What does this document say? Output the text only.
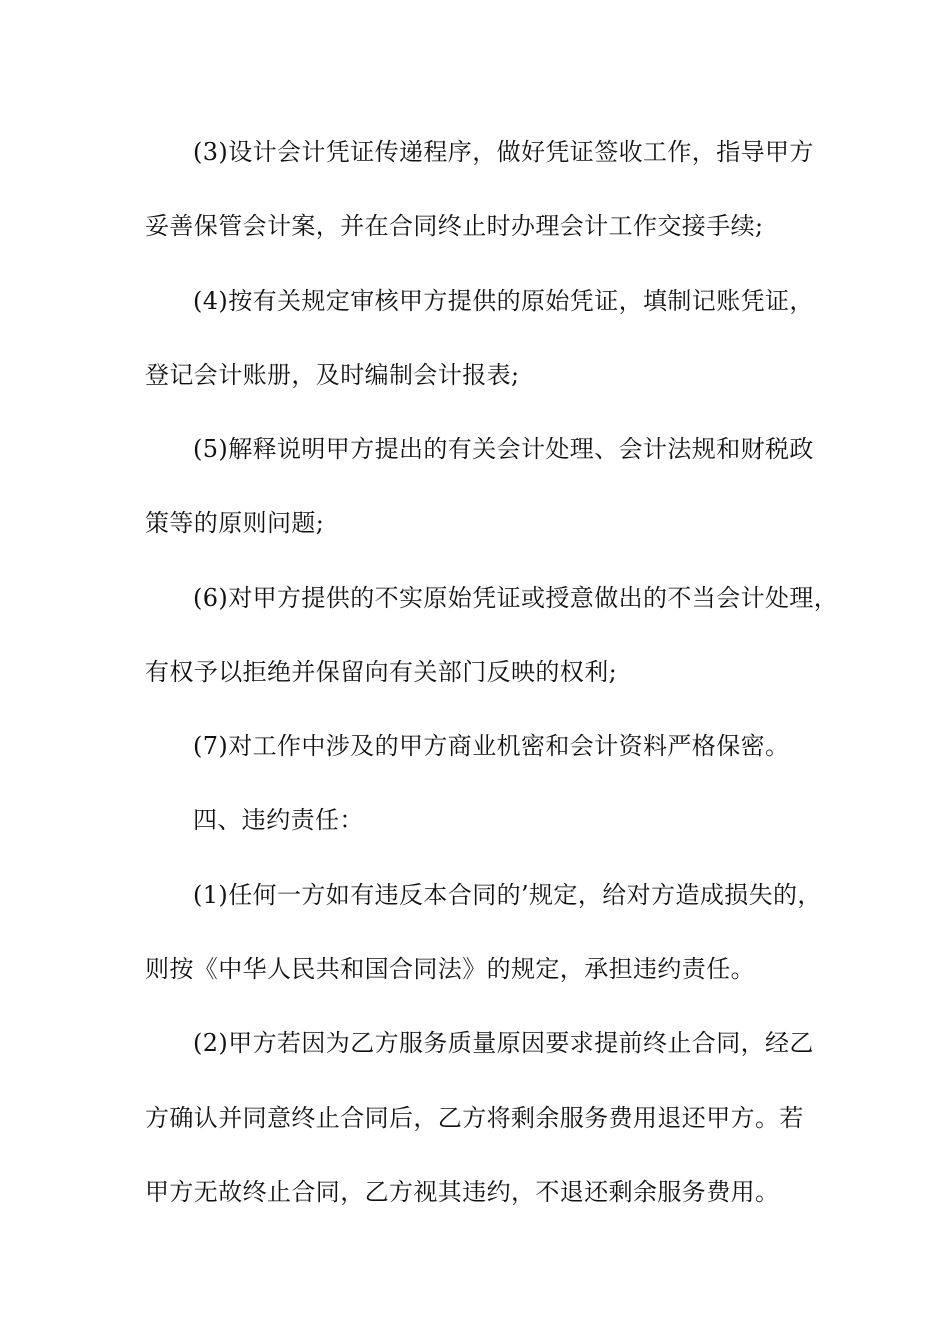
(3)设计会计凭证传递程序，做好凭证签收工作，指导甲方
妥善保管会计案，并在合同终止时办理会计工作交接手续;
(4)按有关规定审核甲方提供的原始凭证，填制记账凭证，
登记会计账册，及时编制会计报表;
(5)解释说明甲方提出的有关会计处理、会计法规和财税政
策等的原则问题;
(6)对甲方提供的不实原始凭证或授意做出的不当会计处理，
有权予以拒绝并保留向有关部门反映的权利;
(7)对工作中涉及的甲方商业机密和会计资料严格保密。
四、违约责任：
(1)任何一方如有违反本合同的’规定，给对方造成损失的，
则按《中华人民共和国合同法》的规定，承担违约责任。
(2)甲方若因为乙方服务质量原因要求提前终止合同，经乙
方确认并同意终止合同后，乙方将剩余服务费用退还甲方。若
甲方无故终止合同，乙方视其违约，不退还剩余服务费用。
